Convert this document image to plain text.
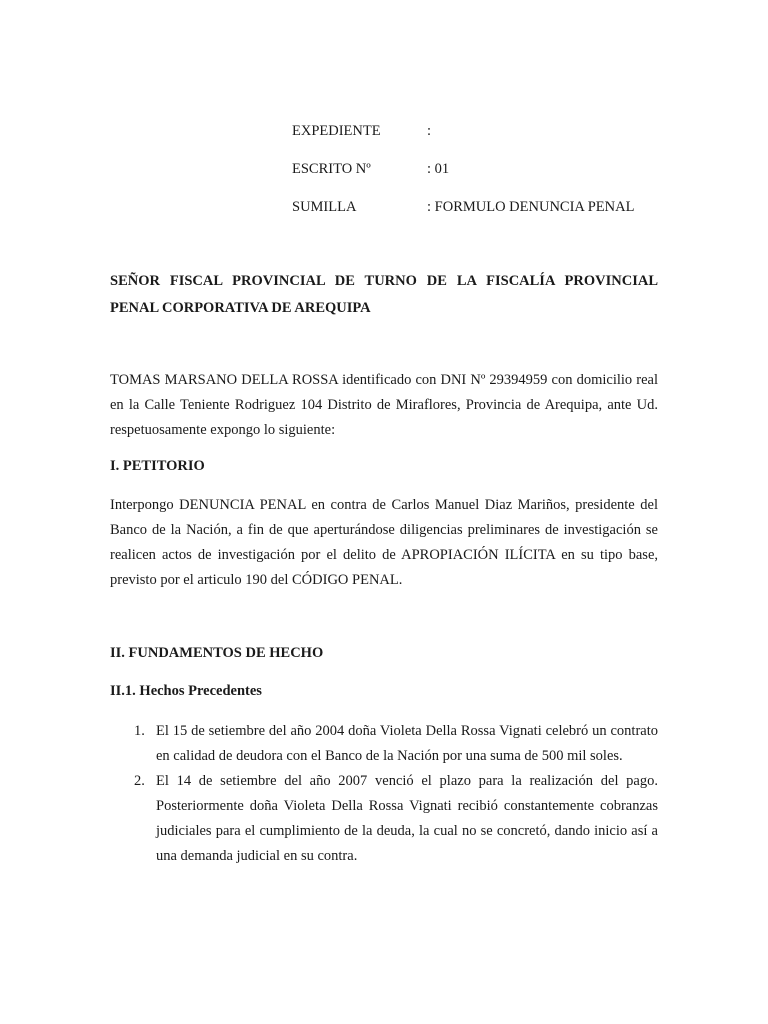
EXPEDIENTE	:
ESCRITO Nº	: 01
SUMILLA	: FORMULO DENUNCIA PENAL
SEÑOR FISCAL PROVINCIAL DE TURNO DE LA FISCALÍA PROVINCIAL PENAL CORPORATIVA DE AREQUIPA

TOMAS MARSANO DELLA ROSSA identificado con DNI Nº 29394959 con domicilio real en la Calle Teniente Rodriguez 104 Distrito de Miraflores, Provincia de Arequipa, ante Ud. respetuosamente expongo lo siguiente:

I. PETITORIO

Interpongo DENUNCIA PENAL en contra de Carlos Manuel Diaz Mariños, presidente del Banco de la Nación, a fin de que aperturándose diligencias preliminares de investigación se realicen actos de investigación por el delito de APROPIACIÓN ILÍCITA en su tipo base, previsto por el articulo 190 del CÓDIGO PENAL.

II. FUNDAMENTOS DE HECHO
II.1. Hechos Precedentes
1. El 15 de setiembre del año 2004 doña Violeta Della Rossa Vignati celebró un contrato en calidad de deudora con el Banco de la Nación por una suma de 500 mil soles.
2. El 14 de setiembre del año 2007 venció el plazo para la realización del pago. Posteriormente doña Violeta Della Rossa Vignati recibió constantemente cobranzas judiciales para el cumplimiento de la deuda, la cual no se concretó, dando inicio así a una demanda judicial en su contra.
